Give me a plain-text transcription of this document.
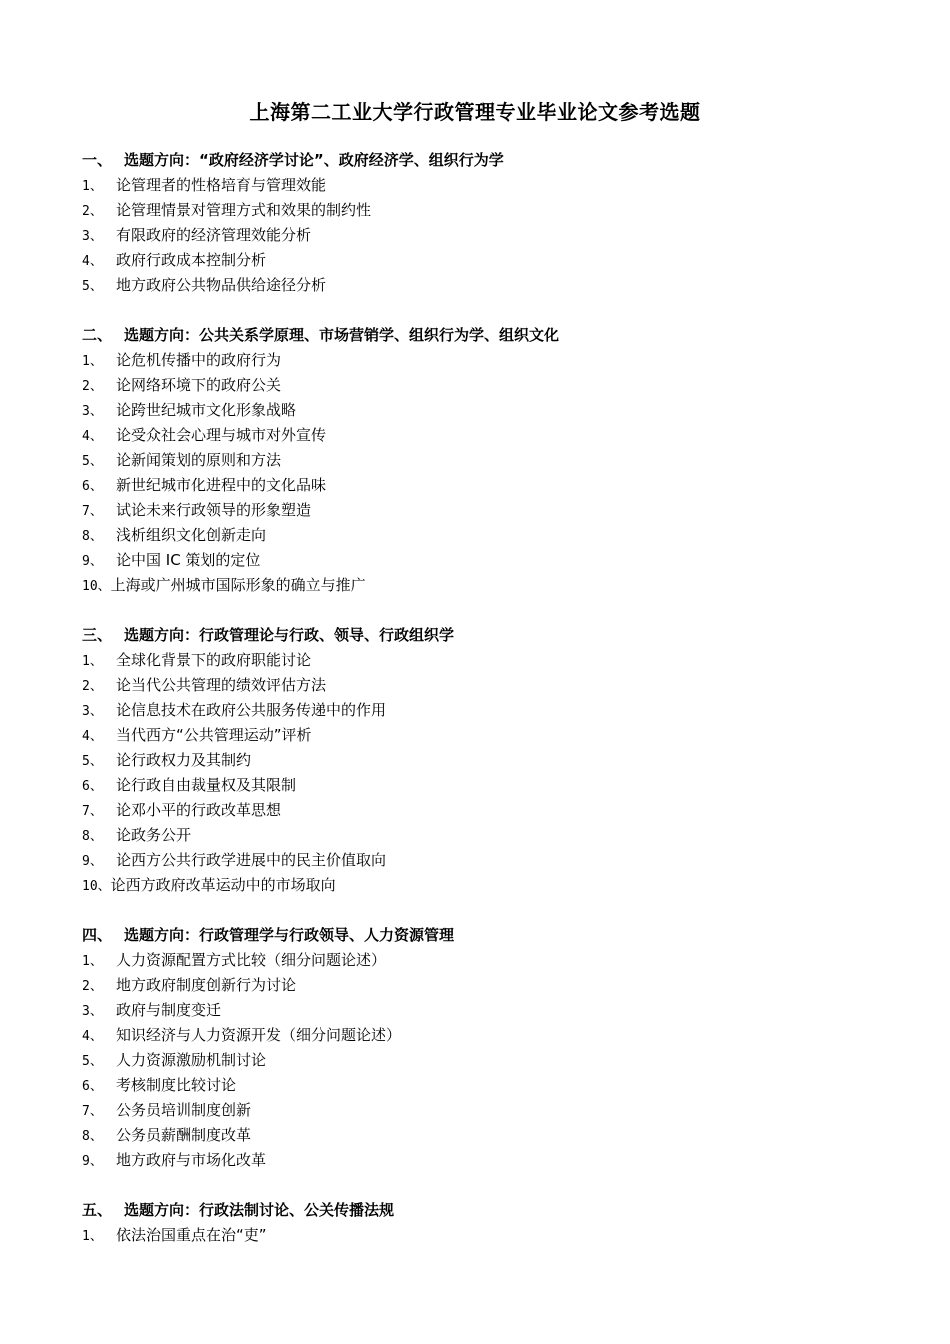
上海第二工业大学行政管理专业毕业论文参考选题
一、 选题方向：“政府经济学讨论”、政府经济学、组织行为学
1、 论管理者的性格培育与管理效能
2、 论管理情景对管理方式和效果的制约性
3、 有限政府的经济管理效能分析
4、 政府行政成本控制分析
5、 地方政府公共物品供给途径分析
二、 选题方向：公共关系学原理、市场营销学、组织行为学、组织文化
1、 论危机传播中的政府行为
2、 论网络环境下的政府公关
3、 论跨世纪城市文化形象战略
4、 论受众社会心理与城市对外宣传
5、 论新闻策划的原则和方法
6、 新世纪城市化进程中的文化品味
7、 试论未来行政领导的形象塑造
8、 浅析组织文化创新走向
9、 论中国 IC 策划的定位
10、上海或广州城市国际形象的确立与推广
三、 选题方向：行政管理论与行政、领导、行政组织学
1、 全球化背景下的政府职能讨论
2、 论当代公共管理的绩效评估方法
3、 论信息技术在政府公共服务传递中的作用
4、 当代西方“公共管理运动”评析
5、 论行政权力及其制约
6、 论行政自由裁量权及其限制
7、 论邓小平的行政改革思想
8、 论政务公开
9、 论西方公共行政学进展中的民主价值取向
10、论西方政府改革运动中的市场取向
四、 选题方向：行政管理学与行政领导、人力资源管理
1、 人力资源配置方式比较（细分问题论述）
2、 地方政府制度创新行为讨论
3、 政府与制度变迁
4、 知识经济与人力资源开发（细分问题论述）
5、 人力资源激励机制讨论
6、 考核制度比较讨论
7、 公务员培训制度创新
8、 公务员薪酬制度改革
9、 地方政府与市场化改革
五、 选题方向：行政法制讨论、公关传播法规
1、 依法治国重点在治“吏”
